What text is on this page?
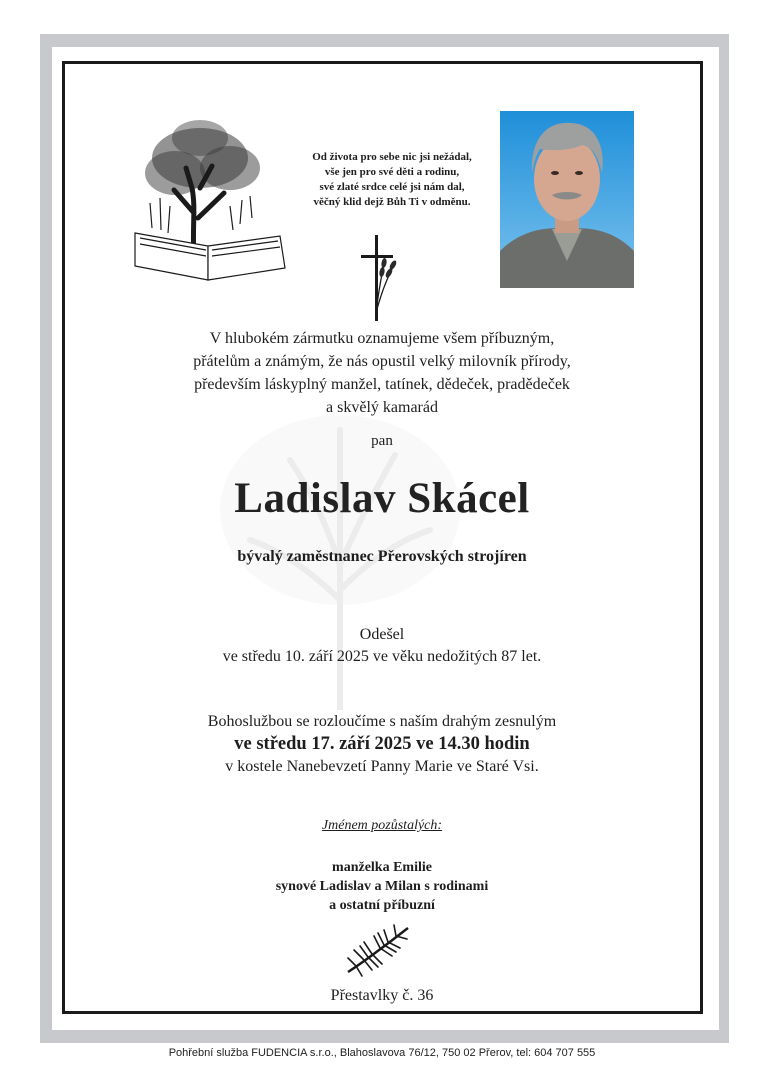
Od života pro sebe nic jsi nežádal,
vše jen pro své děti a rodinu,
své zlaté srdce celé jsi nám dal,
věčný klid dejž Bůh Ti v odměnu.
V hlubokém zármutku oznamujeme všem příbuzným,
přátelům a známým, že nás opustil velký milovník přírody,
především láskyplný manžel, tatínek, dědeček, pradědeček
a skvělý kamarád
pan
Ladislav Skácel
bývalý zaměstnanec Přerovských strojíren
Odešel
ve středu 10. září 2025 ve věku nedožitých 87 let.
Bohoslužbou se rozloučíme s naším drahým zesnulým
ve středu 17. září 2025 ve 14.30 hodin
v kostele Nanebevzetí Panny Marie ve Staré Vsi.
Jménem pozůstalých:
manželka Emilie
synové Ladislav a Milan s rodinami
a ostatní příbuzní
Přestavlky č. 36
Pohřební služba FUDENCIA s.r.o., Blahoslavova 76/12, 750 02 Přerov, tel: 604 707 555
